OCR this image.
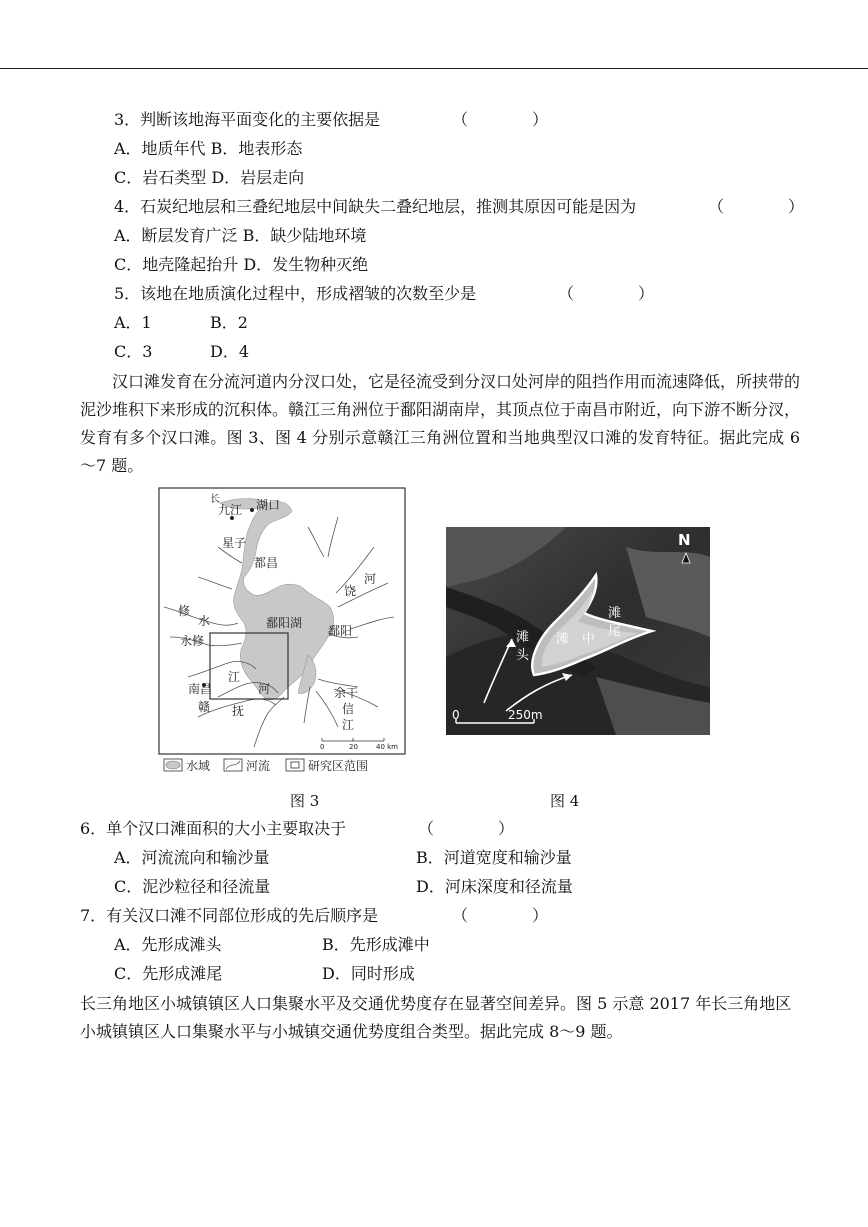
3．判断该地海平面变化的主要依据是	（　　　　）
A．地质年代 B．地表形态
C．岩石类型 D．岩层走向
4．石炭纪地层和三叠纪地层中间缺失二叠纪地层，推测其原因可能是因为	（　　　　）
A．断层发育广泛 B．缺少陆地环境
C．地壳隆起抬升 D．发生物种灭绝
5．该地在地质演化过程中，形成褶皱的次数至少是	（　　　　）
A．1	B．2
C．3	D．4
汉口滩发育在分流河道内分汊口处，它是径流受到分汊口处河岸的阻挡作用而流速降低，所挟带的泥沙堆积下来形成的沉积体。赣江三角洲位于鄱阳湖南岸，其顶点位于南昌市附近，向下游不断分汊，发育有多个汉口滩。图 3、图 4 分别示意赣江三角洲位置和当地典型汉口滩的发育特征。据此完成 6～7 题。
长
九江 湖口
星子
都昌
饶
河
修
水
永修
鄱阳湖
鄱阳
南昌
赣
江
河
抚
余干
信
江
0	20	40 km
水域	河流	研究区范围
图 3
N
滩
头
滩 中
滩
尾
0	250m
图 4
6．单个汉口滩面积的大小主要取决于	（　　　　）
A．河流流向和输沙量	B．河道宽度和输沙量
C．泥沙粒径和径流量	D．河床深度和径流量
7．有关汉口滩不同部位形成的先后顺序是	（　　　　）
A．先形成滩头	B．先形成滩中
C．先形成滩尾	D．同时形成
长三角地区小城镇镇区人口集聚水平及交通优势度存在显著空间差异。图 5 示意 2017 年长三角地区小城镇镇区人口集聚水平与小城镇交通优势度组合类型。据此完成 8～9 题。
